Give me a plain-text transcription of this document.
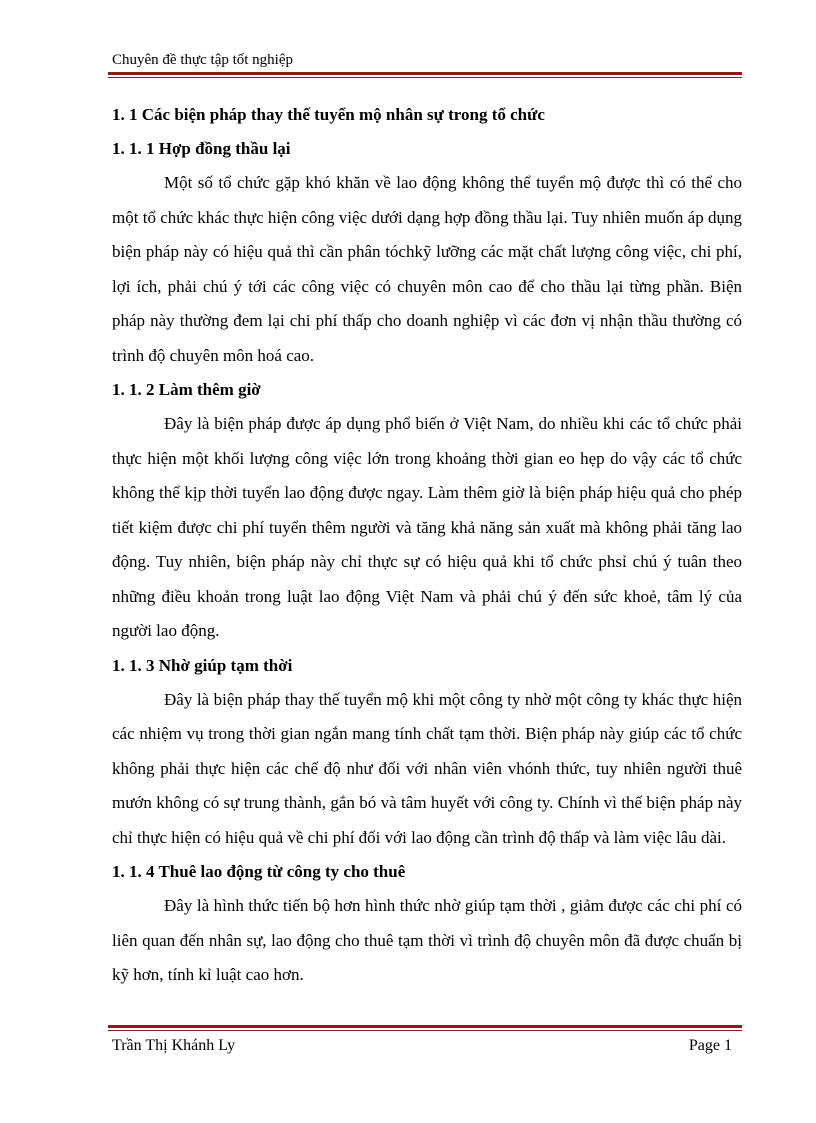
Chuyên đề thực tập tốt nghiệp

1. 1 Các biện pháp thay thế tuyển mộ nhân sự trong tổ chức

1. 1. 1 Hợp đồng thầu lại

Một số tổ chức gặp khó khăn về lao động không thể tuyển mộ được thì có thể cho một tổ chức khác thực hiện công việc dưới dạng hợp đồng thầu lại. Tuy nhiên muốn áp dụng biện pháp này có hiệu quả thì cần phân tóchkỹ lưỡng các mặt chất lượng công việc, chi phí, lợi ích, phải chú ý tới các công việc có chuyên môn cao để cho thầu lại từng phần. Biện pháp này thường đem lại chi phí thấp cho doanh nghiệp vì các đơn vị nhận thầu thường có trình độ chuyên môn hoá cao.

1. 1. 2 Làm thêm giờ

Đây là biện pháp được áp dụng phổ biến ở Việt Nam, do nhiều khi các tổ chức phải thực hiện một khối lượng công việc lớn trong khoảng thời gian eo hẹp do vậy các tổ chức không thể kịp thời tuyển lao động được ngay. Làm thêm giờ là biện pháp hiệu quả cho phép tiết kiệm được chi phí tuyển thêm người và tăng khả năng sản xuất mà không phải tăng lao động. Tuy nhiên, biện pháp này chỉ thực sự có hiệu quả khi tổ chức phsỉ chú ý tuân theo những điều khoản trong luật lao động Việt Nam và phải chú ý đến sức khoẻ, tâm lý của người lao động.

1. 1. 3 Nhờ giúp tạm thời

Đây là biện pháp thay thế tuyển mộ khi một công ty nhờ một công ty khác thực hiện các nhiệm vụ trong thời gian ngắn mang tính chất tạm thời. Biện pháp này giúp các tổ chức không phải thực hiện các chế độ như đối với nhân viên vhónh thức, tuy nhiên người thuê mướn không có sự trung thành, gắn bó và tâm huyết với công ty. Chính vì thế biện pháp này chỉ thực hiện có hiệu quả về chi phí đối với lao động cần trình độ thấp và làm việc lâu dài.

1. 1. 4 Thuê lao động từ công ty cho thuê

Đây là hình thức tiến bộ hơn hình thức nhờ giúp tạm thời , giảm được các chi phí có liên quan đến nhân sự, lao động cho thuê tạm thời vì trình độ chuyên môn đã được chuẩn bị kỹ hơn, tính kỉ luật cao hơn.

Trần Thị Khánh Ly	Page 1
